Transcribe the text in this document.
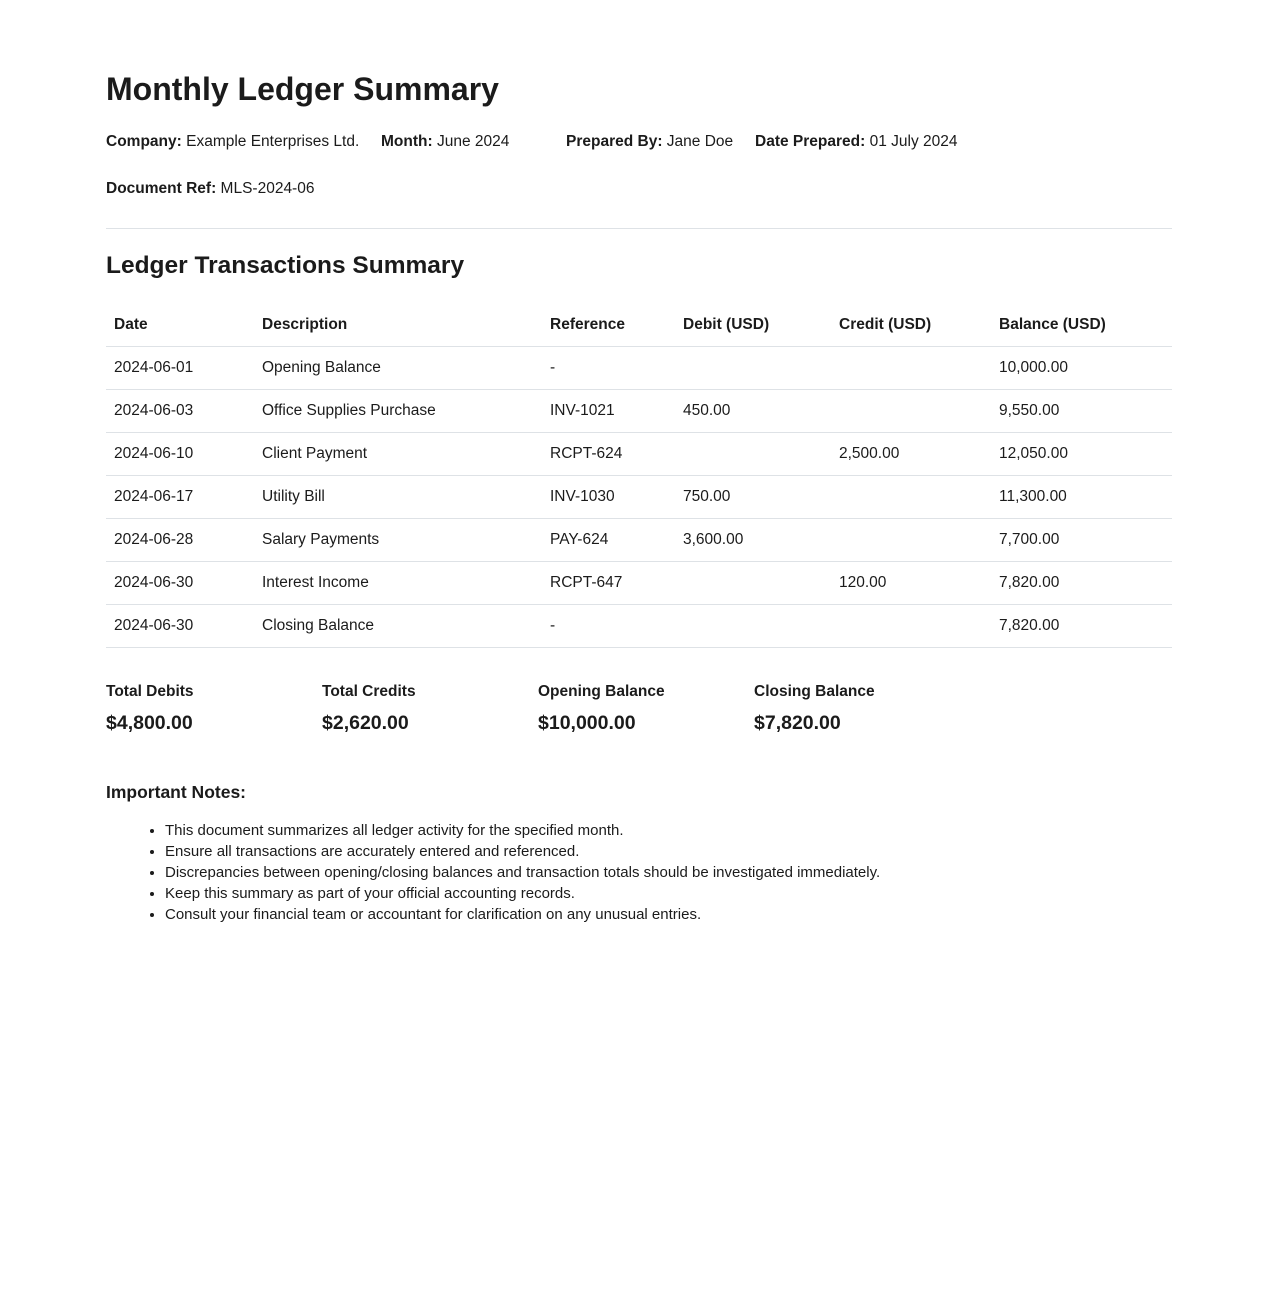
Monthly Ledger Summary
Company: Example Enterprises Ltd.	Month: June 2024	Prepared By: Jane Doe	Date Prepared: 01 July 2024
Document Ref: MLS-2024-06
Ledger Transactions Summary
Date	Description	Reference	Debit (USD)	Credit (USD)	Balance (USD)
2024-06-01	Opening Balance	-			10,000.00
2024-06-03	Office Supplies Purchase	INV-1021	450.00		9,550.00
2024-06-10	Client Payment	RCPT-624		2,500.00	12,050.00
2024-06-17	Utility Bill	INV-1030	750.00		11,300.00
2024-06-28	Salary Payments	PAY-624	3,600.00		7,700.00
2024-06-30	Interest Income	RCPT-647		120.00	7,820.00
2024-06-30	Closing Balance	-			7,820.00
Total Debits
$4,800.00
Total Credits
$2,620.00
Opening Balance
$10,000.00
Closing Balance
$7,820.00
Important Notes:
• This document summarizes all ledger activity for the specified month.
• Ensure all transactions are accurately entered and referenced.
• Discrepancies between opening/closing balances and transaction totals should be investigated immediately.
• Keep this summary as part of your official accounting records.
• Consult your financial team or accountant for clarification on any unusual entries.
